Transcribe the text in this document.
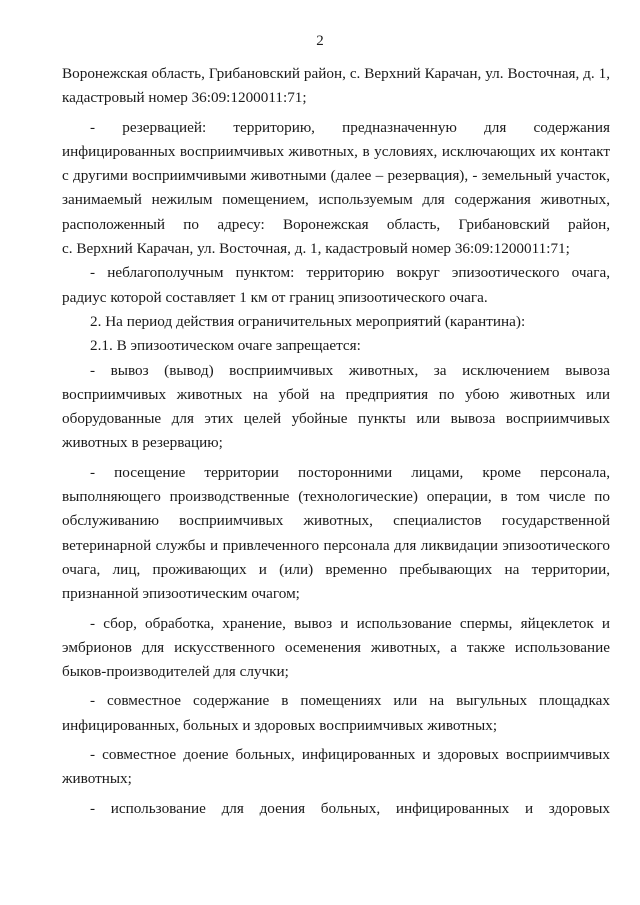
2
Воронежская область, Грибановский район, с. Верхний Карачан, ул. Восточная, д. 1,
кадастровый номер 36:09:1200011:71;
- резервацией: территорию, предназначенную для содержания
инфицированных восприимчивых животных, в условиях, исключающих их контакт
с другими восприимчивыми животными (далее – резервация), - земельный участок,
занимаемый нежилым помещением, используемым для содержания животных,
расположенный по адресу: Воронежская область, Грибановский район,
с. Верхний Карачан, ул. Восточная, д. 1, кадастровый номер 36:09:1200011:71;
- неблагополучным пунктом: территорию вокруг эпизоотического очага,
радиус которой составляет 1 км от границ эпизоотического очага.
2. На период действия ограничительных мероприятий (карантина):
2.1. В эпизоотическом очаге запрещается:
- вывоз (вывод) восприимчивых животных, за исключением вывоза
восприимчивых животных на убой на предприятия по убою животных или
оборудованные для этих целей убойные пункты или вывоза восприимчивых
животных в резервацию;
- посещение территории посторонними лицами, кроме персонала,
выполняющего производственные (технологические) операции, в том числе по
обслуживанию восприимчивых животных, специалистов государственной
ветеринарной службы и привлеченного персонала для ликвидации эпизоотического
очага, лиц, проживающих и (или) временно пребывающих на территории,
признанной эпизоотическим очагом;
- сбор, обработка, хранение, вывоз и использование спермы, яйцеклеток и
эмбрионов для искусственного осеменения животных, а также использование
быков-производителей для случки;
- совместное содержание в помещениях или на выгульных площадках
инфицированных, больных и здоровых восприимчивых животных;
- совместное доение больных, инфицированных и здоровых восприимчивых
животных;
- использование для доения больных, инфицированных и здоровых
